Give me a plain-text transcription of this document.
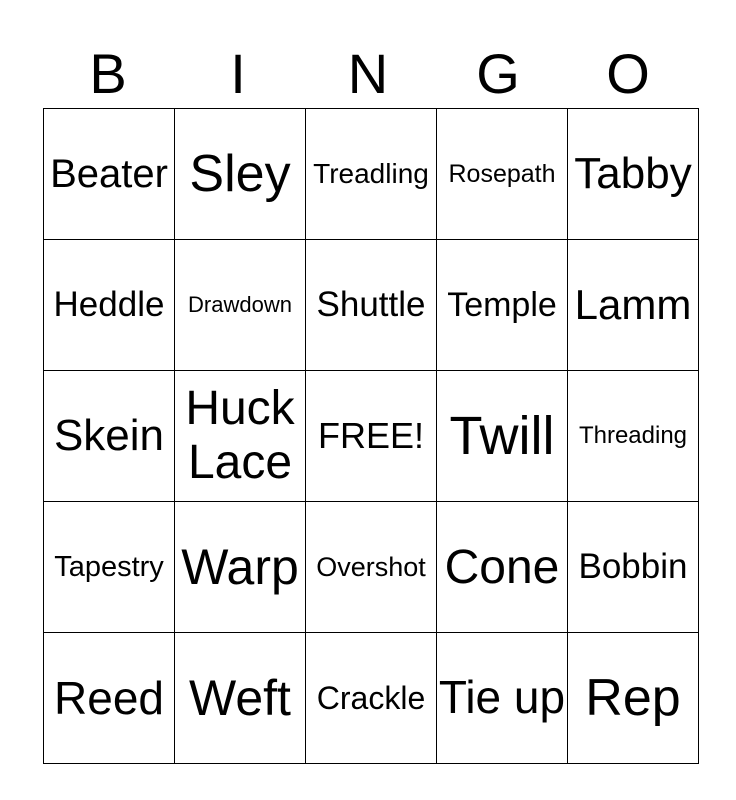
B	I	N	G	O
Beater	Sley	Treadling	Rosepath	Tabby

Heddle	Drawdown	Shuttle	Temple	Lamm

Skein	Huck Lace	FREE!	Twill	Threading

Tapestry	Warp	Overshot	Cone	Bobbin

Reed	Weft	Crackle	Tie up	Rep
